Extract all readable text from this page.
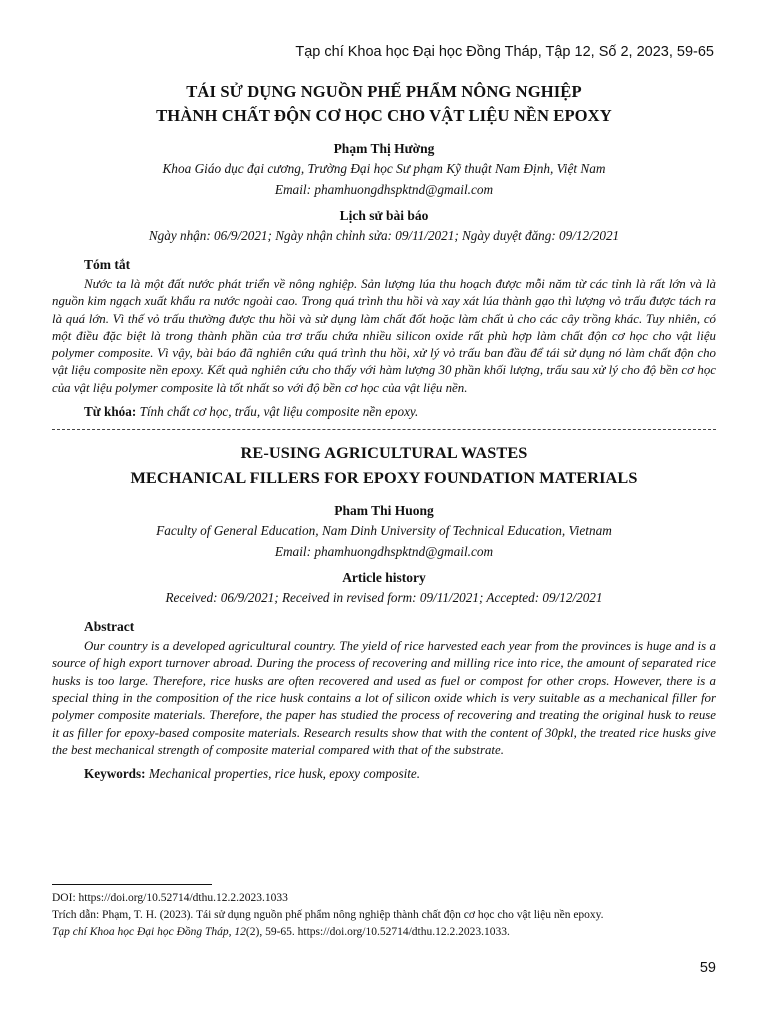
Tạp chí Khoa học Đại học Đồng Tháp, Tập 12, Số 2, 2023, 59-65

TÁI SỬ DỤNG NGUỒN PHẾ PHẨM NÔNG NGHIỆP

THÀNH CHẤT ĐỘN CƠ HỌC CHO VẬT LIỆU NỀN EPOXY

Phạm Thị Hường
Khoa Giáo dục đại cương, Trường Đại học Sư phạm Kỹ thuật Nam Định, Việt Nam
Email: phamhuongdhspktnd@gmail.com
Lịch sử bài báo
Ngày nhận: 06/9/2021; Ngày nhận chỉnh sửa: 09/11/2021; Ngày duyệt đăng: 09/12/2021
Tóm tắt

Nước ta là một đất nước phát triển về nông nghiệp. Sản lượng lúa thu hoạch được mỗi năm từ các tỉnh là rất lớn và là nguồn kim ngạch xuất khẩu ra nước ngoài cao. Trong quá trình thu hồi và xay xát lúa thành gạo thì lượng vỏ trấu được tách ra là quá lớn. Vì thế vỏ trấu thường được thu hồi và sử dụng làm chất đốt hoặc làm chất ủ cho các cây trồng khác. Tuy nhiên, có một điều đặc biệt là trong thành phần của trơ trấu chứa nhiều silicon oxide rất phù hợp làm chất độn cơ học cho vật liệu polymer composite. Vì vậy, bài báo đã nghiên cứu quá trình thu hồi, xử lý vỏ trấu ban đầu để tái sử dụng nó làm chất độn cho vật liệu composite nền epoxy. Kết quả nghiên cứu cho thấy với hàm lượng 30 phần khối lượng, trấu sau xử lý cho độ bền cơ học của vật liệu polymer composite là tốt nhất so với độ bền cơ học của vật liệu nền.

Từ khóa: Tính chất cơ học, trấu, vật liệu composite nền epoxy.

RE-USING AGRICULTURAL WASTES

MECHANICAL FILLERS FOR EPOXY FOUNDATION MATERIALS

Pham Thi Huong
Faculty of General Education, Nam Dinh University of Technical Education, Vietnam
Email: phamhuongdhspktnd@gmail.com
Article history
Received: 06/9/2021; Received in revised form: 09/11/2021; Accepted: 09/12/2021
Abstract

Our country is a developed agricultural country. The yield of rice harvested each year from the provinces is huge and is a source of high export turnover abroad. During the process of recovering and milling rice into rice, the amount of separated rice husks is too large. Therefore, rice husks are often recovered and used as fuel or compost for other crops. However, there is a special thing in the composition of the rice husk contains a lot of silicon oxide which is very suitable as a mechanical filler for polymer composite materials. Therefore, the paper has studied the process of recovering and treating the original husk to reuse it as filler for epoxy-based composite materials. Research results show that with the content of 30pkl, the treated rice husks give the best mechanical strength of composite material compared with that of the substrate.

Keywords: Mechanical properties, rice husk, epoxy composite.
DOI: https://doi.org/10.52714/dthu.12.2.2023.1033
Trích dẫn: Phạm, T. H. (2023). Tái sử dụng nguồn phế phẩm nông nghiệp thành chất độn cơ học cho vật liệu nền epoxy.
Tạp chí Khoa học Đại học Đồng Tháp, 12(2), 59-65. https://doi.org/10.52714/dthu.12.2.2023.1033.
59
